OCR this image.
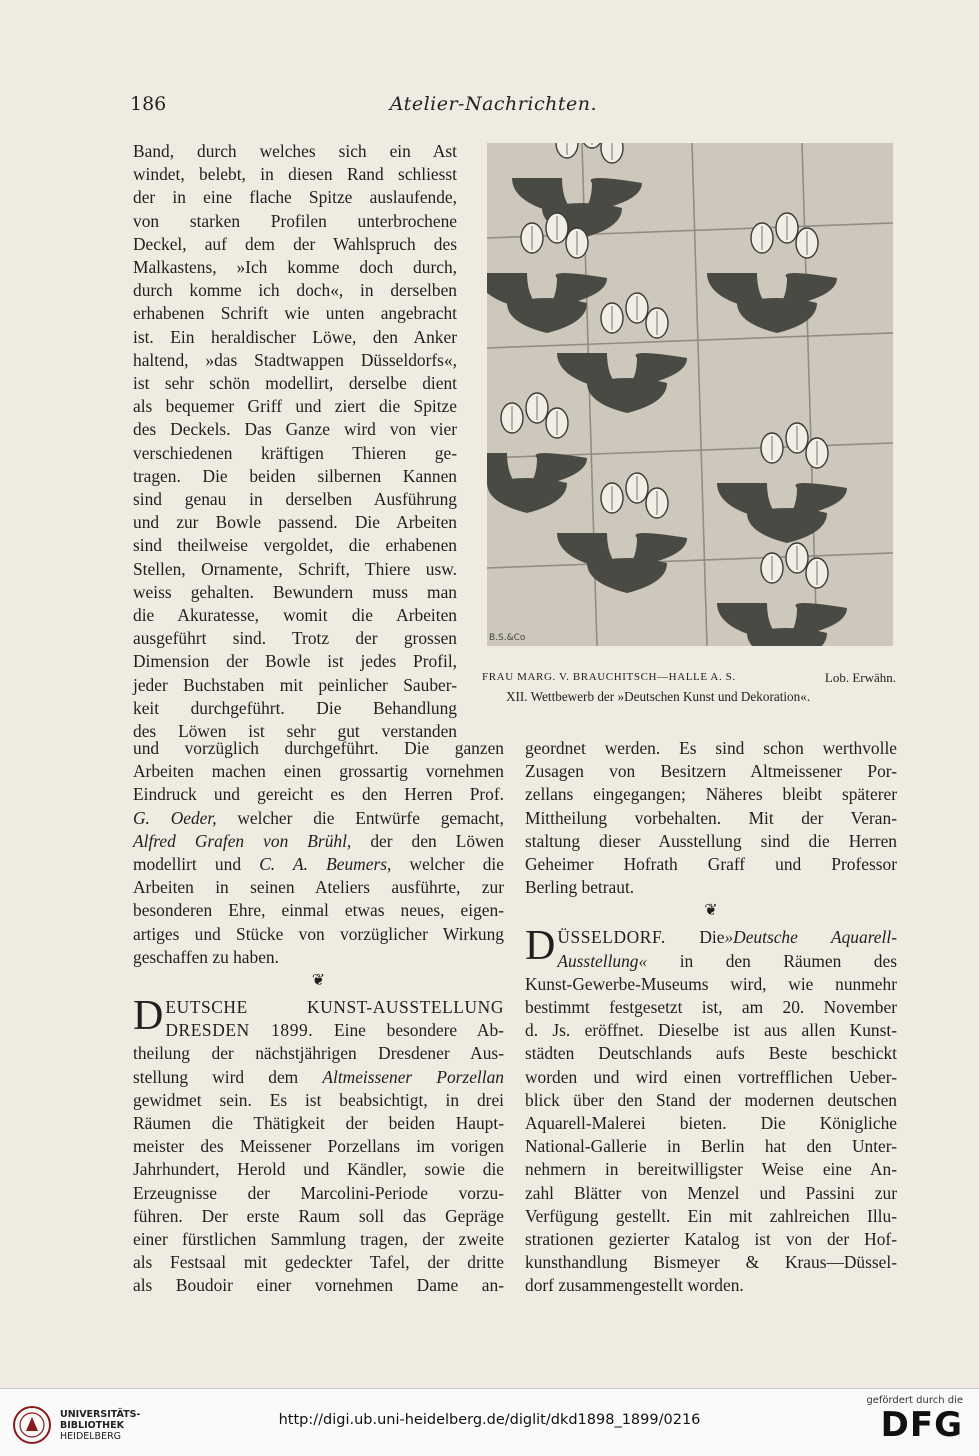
186	Atelier-Nachrichten.
Band, durch welches sich ein Ast
windet, belebt, in diesen Rand schliesst
der in eine flache Spitze auslaufende,
von starken Profilen unterbrochene
Deckel, auf dem der Wahlspruch des
Malkastens, »Ich komme doch durch,
durch komme ich doch«, in derselben
erhabenen Schrift wie unten angebracht
ist. Ein heraldischer Löwe, den Anker
haltend, »das Stadtwappen Düsseldorfs«,
ist sehr schön modellirt, derselbe dient
als bequemer Griff und ziert die Spitze
des Deckels. Das Ganze wird von vier
verschiedenen kräftigen Thieren ge-
tragen. Die beiden silbernen Kannen
sind genau in derselben Ausführung
und zur Bowle passend. Die Arbeiten
sind theilweise vergoldet, die erhabenen
Stellen, Ornamente, Schrift, Thiere usw.
weiss gehalten. Bewundern muss man
die Akuratesse, womit die Arbeiten
ausgeführt sind. Trotz der grossen
Dimension der Bowle ist jedes Profil,
jeder Buchstaben mit peinlicher Sauber-
keit durchgeführt. Die Behandlung
des Löwen ist sehr gut verstanden
B.S.&Co
FRAU MARG. V. BRAUCHITSCH—HALLE A. S.	Lob. Erwähn.
XII. Wettbewerb der »Deutschen Kunst und Dekoration«.
und vorzüglich durchgeführt. Die ganzen
Arbeiten machen einen grossartig vornehmen
Eindruck und gereicht es den Herren Prof.
G. Oeder, welcher die Entwürfe gemacht,
Alfred Grafen von Brühl, der den Löwen
modellirt und C. A. Beumers, welcher die
Arbeiten in seinen Ateliers ausführte, zur
besonderen Ehre, einmal etwas neues, eigen-
artiges und Stücke von vorzüglicher Wirkung
geschaffen zu haben.
❦
D EUTSCHE KUNST-AUSSTELLUNG
DRESDEN 1899. Eine besondere Ab-
theilung der nächstjährigen Dresdener Aus-
stellung wird dem Altmeissener Porzellan
gewidmet sein. Es ist beabsichtigt, in drei
Räumen die Thätigkeit der beiden Haupt-
meister des Meissener Porzellans im vorigen
Jahrhundert, Herold und Kändler, sowie die
Erzeugnisse der Marcolini-Periode vorzu-
führen. Der erste Raum soll das Gepräge
einer fürstlichen Sammlung tragen, der zweite
als Festsaal mit gedeckter Tafel, der dritte
als Boudoir einer vornehmen Dame an-
geordnet werden. Es sind schon werthvolle
Zusagen von Besitzern Altmeissener Por-
zellans eingegangen; Näheres bleibt späterer
Mittheilung vorbehalten. Mit der Veran-
staltung dieser Ausstellung sind die Herren
Geheimer Hofrath Graff und Professor
Berling betraut.
❦
D ÜSSELDORF. Die»Deutsche Aquarell-
Ausstellung« in den Räumen des
Kunst-Gewerbe-Museums wird, wie nunmehr
bestimmt festgesetzt ist, am 20. November
d. Js. eröffnet. Dieselbe ist aus allen Kunst-
städten Deutschlands aufs Beste beschickt
worden und wird einen vortrefflichen Ueber-
blick über den Stand der modernen deutschen
Aquarell-Malerei bieten. Die Königliche
National-Gallerie in Berlin hat den Unter-
nehmern in bereitwilligster Weise eine An-
zahl Blätter von Menzel und Passini zur
Verfügung gestellt. Ein mit zahlreichen Illu-
strationen gezierter Katalog ist von der Hof-
kunsthandlung Bismeyer & Kraus—Düssel-
dorf zusammengestellt worden.
UNIVERSITÄTS-
BIBLIOTHEK
HEIDELBERG
http://digi.ub.uni-heidelberg.de/diglit/dkd1898_1899/0216
gefördert durch die
DFG
